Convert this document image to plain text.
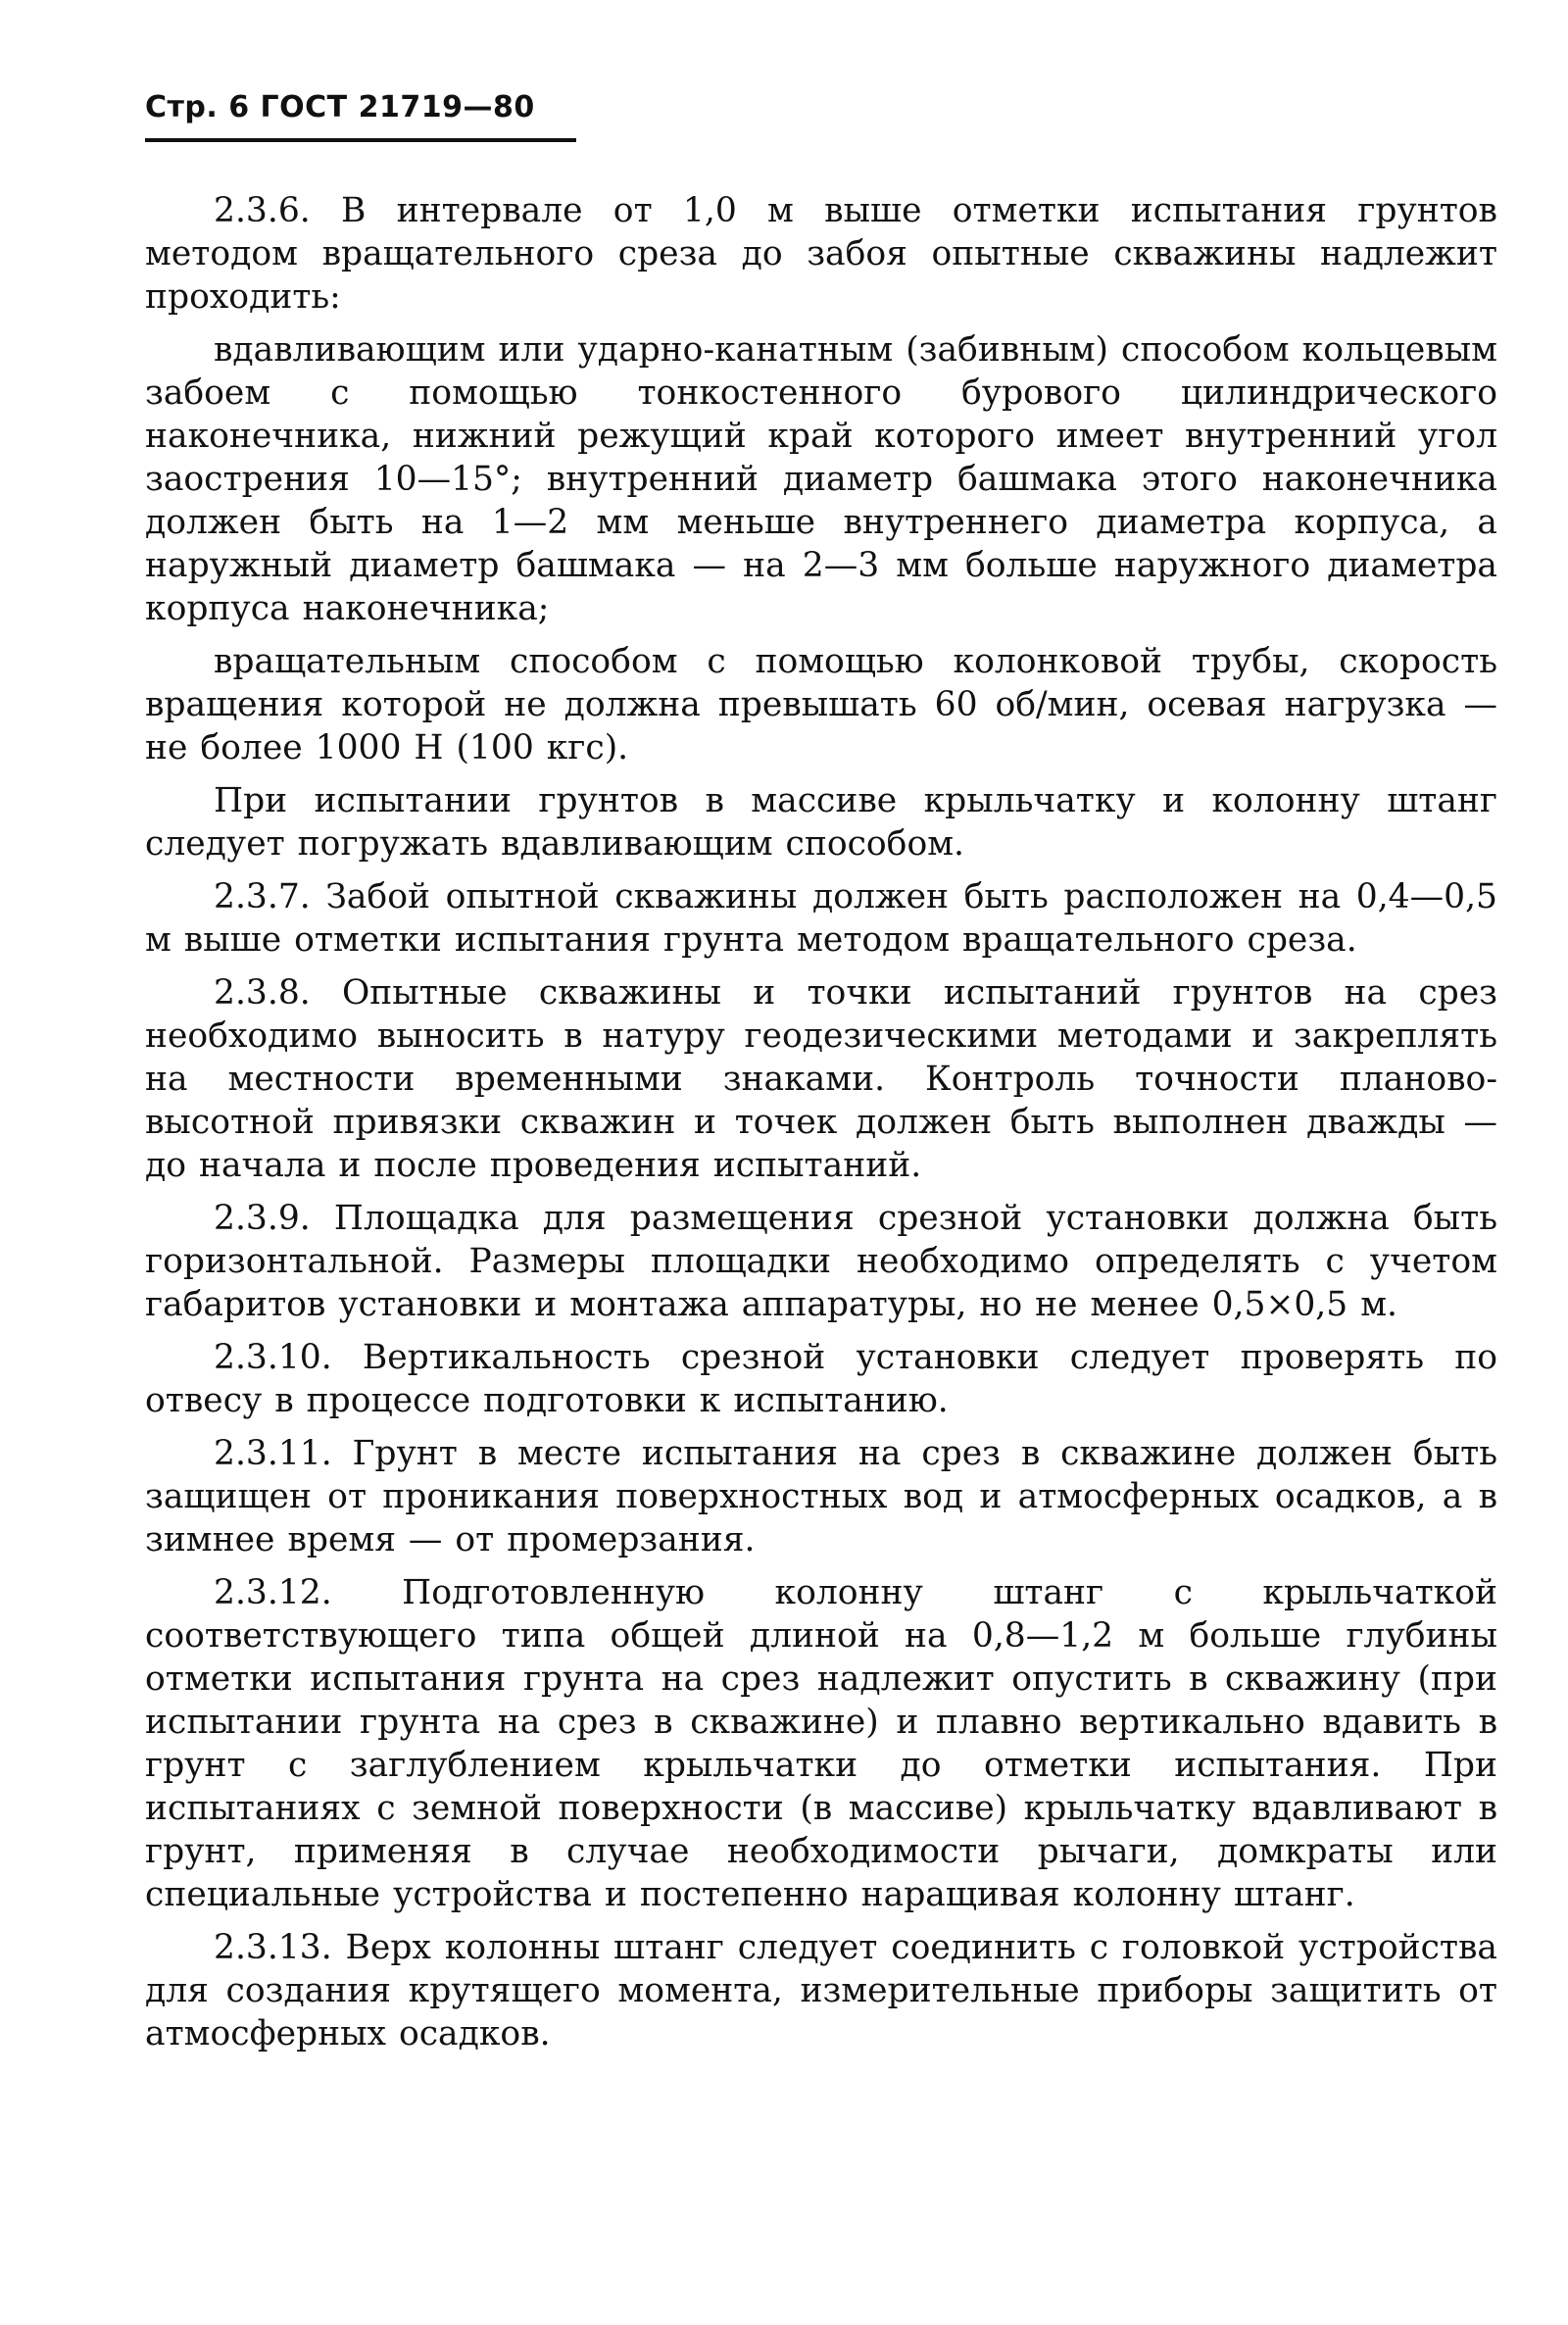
Стр. 6 ГОСТ 21719—80

2.3.6. В интервале от 1,0 м выше отметки испытания грунтов методом вращательного среза до забоя опытные скважины надлежит проходить:

вдавливающим или ударно-канатным (забивным) способом кольцевым забоем с помощью тонкостенного бурового цилиндрического наконечника, нижний режущий край которого имеет внутренний угол заострения 10—15°; внутренний диаметр башмака этого наконечника должен быть на 1—2 мм меньше внутреннего диаметра корпуса, а наружный диаметр башмака — на 2—3 мм больше наружного диаметра корпуса наконечника;

вращательным способом с помощью колонковой трубы, скорость вращения которой не должна превышать 60 об/мин, осевая нагрузка — не более 1000 Н (100 кгс).

При испытании грунтов в массиве крыльчатку и колонну штанг следует погружать вдавливающим способом.

2.3.7. Забой опытной скважины должен быть расположен на 0,4—0,5 м выше отметки испытания грунта методом вращательного среза.

2.3.8. Опытные скважины и точки испытаний грунтов на срез необходимо выносить в натуру геодезическими методами и закреплять на местности временными знаками. Контроль точности планово-высотной привязки скважин и точек должен быть выполнен дважды — до начала и после проведения испытаний.

2.3.9. Площадка для размещения срезной установки должна быть горизонтальной. Размеры площадки необходимо определять с учетом габаритов установки и монтажа аппаратуры, но не менее 0,5×0,5 м.

2.3.10. Вертикальность срезной установки следует проверять по отвесу в процессе подготовки к испытанию.

2.3.11. Грунт в месте испытания на срез в скважине должен быть защищен от проникания поверхностных вод и атмосферных осадков, а в зимнее время — от промерзания.

2.3.12. Подготовленную колонну штанг с крыльчаткой соответствующего типа общей длиной на 0,8—1,2 м больше глубины отметки испытания грунта на срез надлежит опустить в скважину (при испытании грунта на срез в скважине) и плавно вертикально вдавить в грунт с заглублением крыльчатки до отметки испытания. При испытаниях с земной поверхности (в массиве) крыльчатку вдавливают в грунт, применяя в случае необходимости рычаги, домкраты или специальные устройства и постепенно наращивая колонну штанг.

2.3.13. Верх колонны штанг следует соединить с головкой устройства для создания крутящего момента, измерительные приборы защитить от атмосферных осадков.
